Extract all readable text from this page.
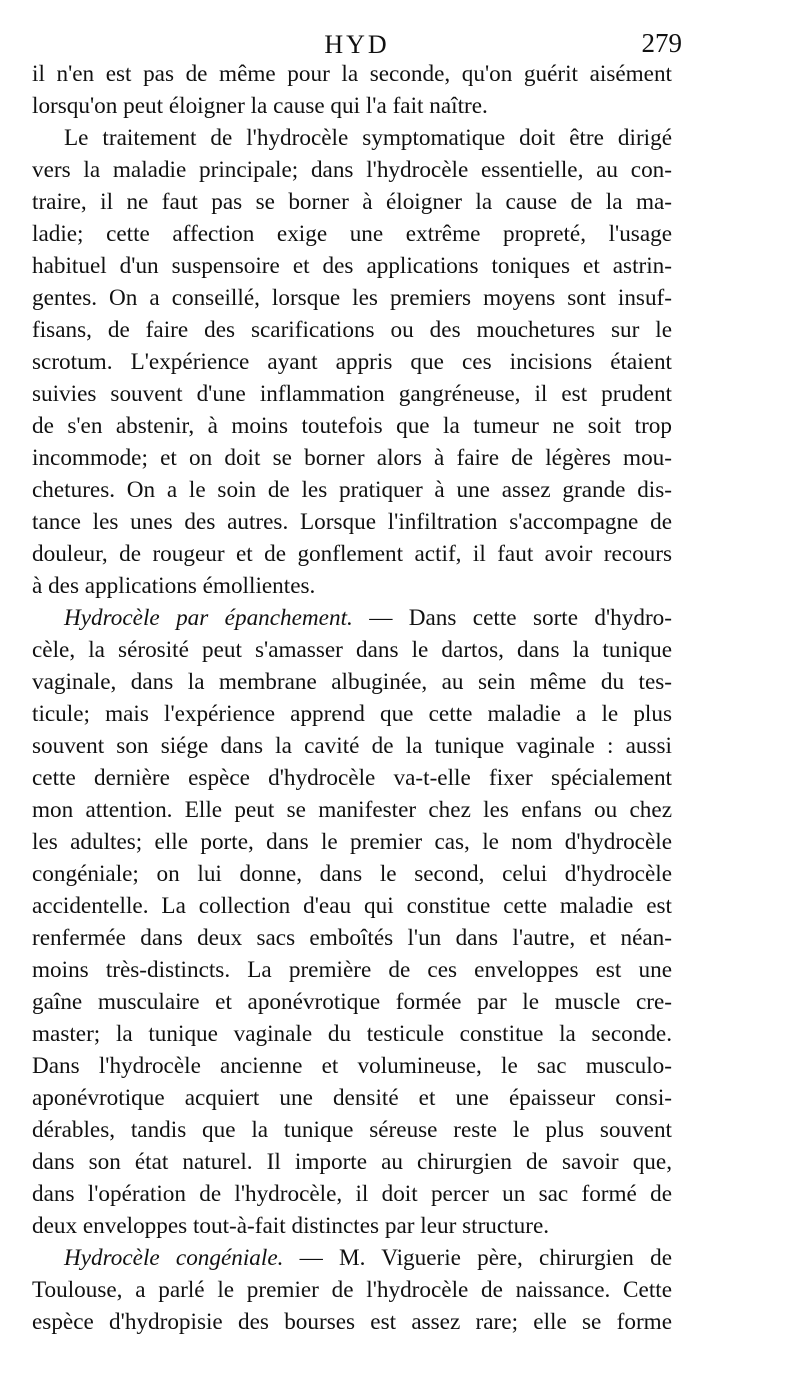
HYD	279
il n'en est pas de même pour la seconde, qu'on guérit aisément
lorsqu'on peut éloigner la cause qui l'a fait naître.
Le traitement de l'hydrocèle symptomatique doit être dirigé
vers la maladie principale; dans l'hydrocèle essentielle, au con-
traire, il ne faut pas se borner à éloigner la cause de la ma-
ladie; cette affection exige une extrême propreté, l'usage
habituel d'un suspensoire et des applications toniques et astrin-
gentes. On a conseillé, lorsque les premiers moyens sont insuf-
fisans, de faire des scarifications ou des mouchetures sur le
scrotum. L'expérience ayant appris que ces incisions étaient
suivies souvent d'une inflammation gangréneuse, il est prudent
de s'en abstenir, à moins toutefois que la tumeur ne soit trop
incommode; et on doit se borner alors à faire de légères mou-
chetures. On a le soin de les pratiquer à une assez grande dis-
tance les unes des autres. Lorsque l'infiltration s'accompagne de
douleur, de rougeur et de gonflement actif, il faut avoir recours
à des applications émollientes.
Hydrocèle par épanchement. — Dans cette sorte d'hydro-
cèle, la sérosité peut s'amasser dans le dartos, dans la tunique
vaginale, dans la membrane albuginée, au sein même du tes-
ticule; mais l'expérience apprend que cette maladie a le plus
souvent son siége dans la cavité de la tunique vaginale : aussi
cette dernière espèce d'hydrocèle va-t-elle fixer spécialement
mon attention. Elle peut se manifester chez les enfans ou chez
les adultes; elle porte, dans le premier cas, le nom d'hydrocèle
congéniale; on lui donne, dans le second, celui d'hydrocèle
accidentelle. La collection d'eau qui constitue cette maladie est
renfermée dans deux sacs emboîtés l'un dans l'autre, et néan-
moins très-distincts. La première de ces enveloppes est une
gaîne musculaire et aponévrotique formée par le muscle cre-
master; la tunique vaginale du testicule constitue la seconde.
Dans l'hydrocèle ancienne et volumineuse, le sac musculo-
aponévrotique acquiert une densité et une épaisseur consi-
dérables, tandis que la tunique séreuse reste le plus souvent
dans son état naturel. Il importe au chirurgien de savoir que,
dans l'opération de l'hydrocèle, il doit percer un sac formé de
deux enveloppes tout-à-fait distinctes par leur structure.
Hydrocèle congéniale. — M. Viguerie père, chirurgien de
Toulouse, a parlé le premier de l'hydrocèle de naissance. Cette
espèce d'hydropisie des bourses est assez rare; elle se forme
